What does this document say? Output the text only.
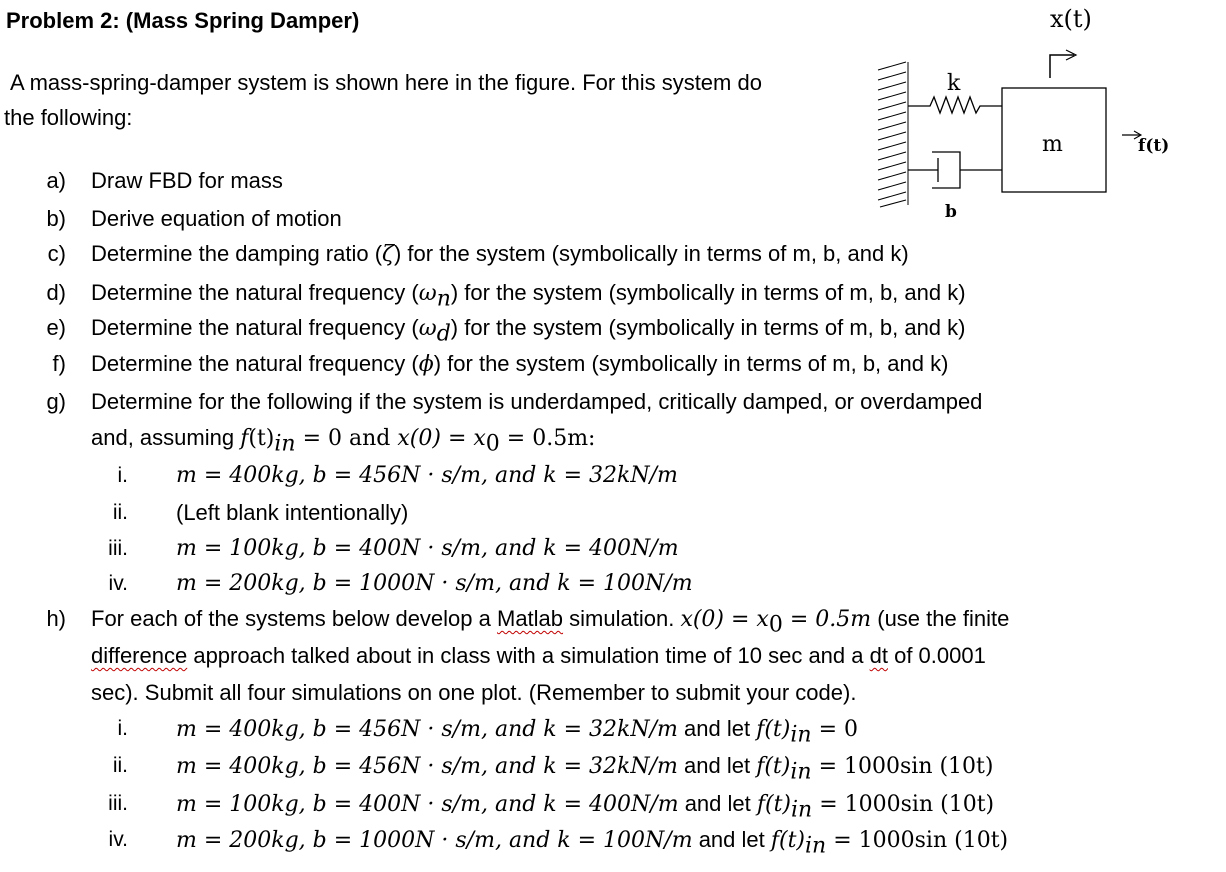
Problem 2: (Mass Spring Damper)
A mass-spring-damper system is shown here in the figure. For this system do
the following:
x(t)
k
b
m	f(t)
a) Draw FBD for mass
b) Derive equation of motion
c) Determine the damping ratio (ζ) for the system (symbolically in terms of m, b, and k)
d) Determine the natural frequency $(\omega_n)$ for the system (symbolically in terms of m, b, and k)
e) Determine the natural frequency $(\omega_d)$ for the system (symbolically in terms of m, b, and k)
f) Determine the natural frequency (ϕ) for the system (symbolically in terms of m, b, and k)
g) Determine for the following if the system is underdamped, critically damped, or overdamped
and, assuming $f(t)_{in} = 0$ and $x(0) = x_0 = 0.5m$:
i. m = 400kg, b = 456N · s/m, and k = 32kN/m
ii. (Left blank intentionally)
iii. m = 100kg, b = 400N · s/m, and k = 400N/m
iv. m = 200kg, b = 1000N · s/m, and k = 100N/m
h) For each of the systems below develop a Matlab simulation. $x(0) = x_0 = 0.5m$ (use the finite
difference approach talked about in class with a simulation time of 10 sec and a dt of 0.0001
sec). Submit all four simulations on one plot. (Remember to submit your code).
i. m = 400kg, b = 456N · s/m, and k = 32kN/m and let $f(t)_{in} = 0$
ii. m = 400kg, b = 456N · s/m, and k = 32kN/m and let $f(t)_{in} = 1000\sin$ (10t)
iii. m = 100kg, b = 400N · s/m, and k = 400N/m and let $f(t)_{in} = 1000\sin$ (10t)
iv. m = 200kg, b = 1000N · s/m, and k = 100N/m and let $f(t)_{in} = 1000\sin$ (10t)
